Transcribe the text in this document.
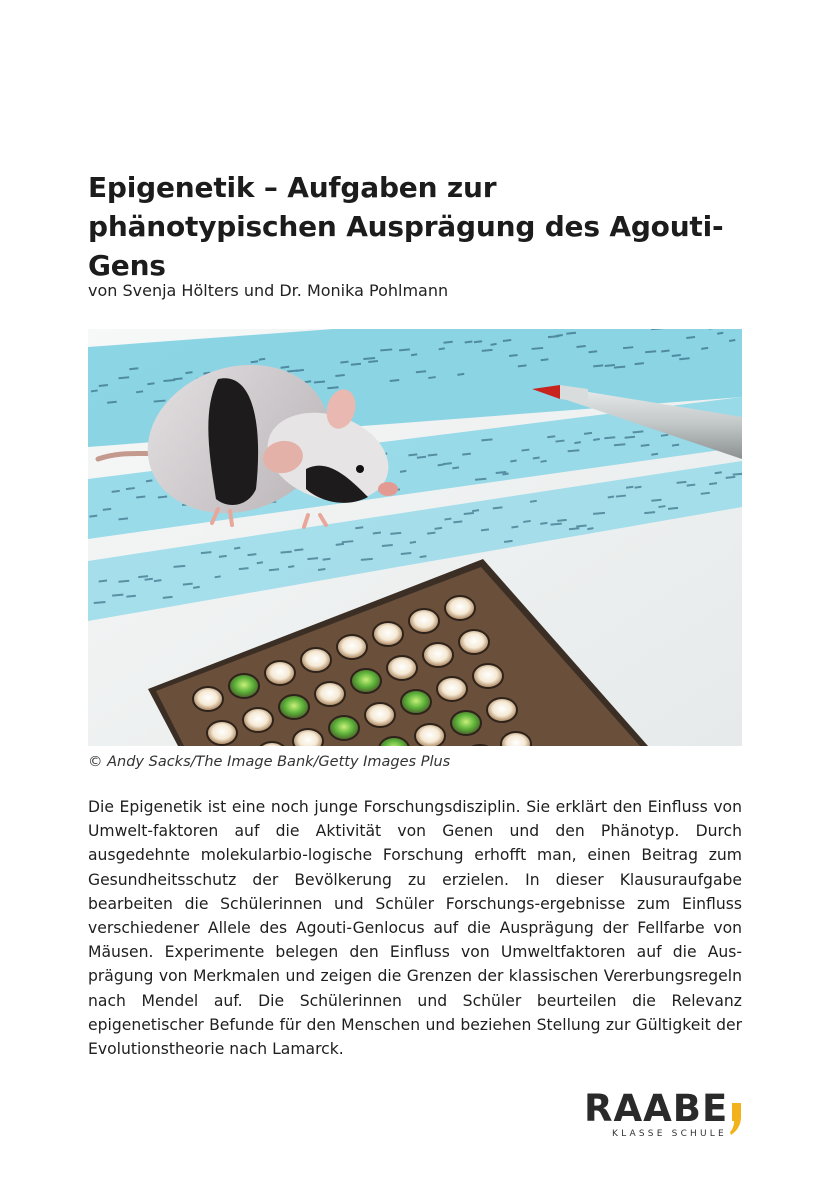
Epigenetik – Aufgaben zur phänotypischen Ausprägung des Agouti-Gens
von Svenja Hölters und Dr. Monika Pohlmann
© Andy Sacks/The Image Bank/Getty Images Plus

Die Epigenetik ist eine noch junge Forschungsdisziplin. Sie erklärt den Einfluss von Umwelt-faktoren auf die Aktivität von Genen und den Phänotyp. Durch ausgedehnte molekularbio-logische Forschung erhofft man, einen Beitrag zum Gesundheitsschutz der Bevölkerung zu erzielen. In dieser Klausuraufgabe bearbeiten die Schülerinnen und Schüler Forschungs-ergebnisse zum Einfluss verschiedener Allele des Agouti-Genlocus auf die Ausprägung der Fellfarbe von Mäusen. Experimente belegen den Einfluss von Umweltfaktoren auf die Aus-prägung von Merkmalen und zeigen die Grenzen der klassischen Vererbungsregeln nach Mendel auf. Die Schülerinnen und Schüler beurteilen die Relevanz epigenetischer Befunde für den Menschen und beziehen Stellung zur Gültigkeit der Evolutionstheorie nach Lamarck.

RAABE
KLASSE SCHULE
